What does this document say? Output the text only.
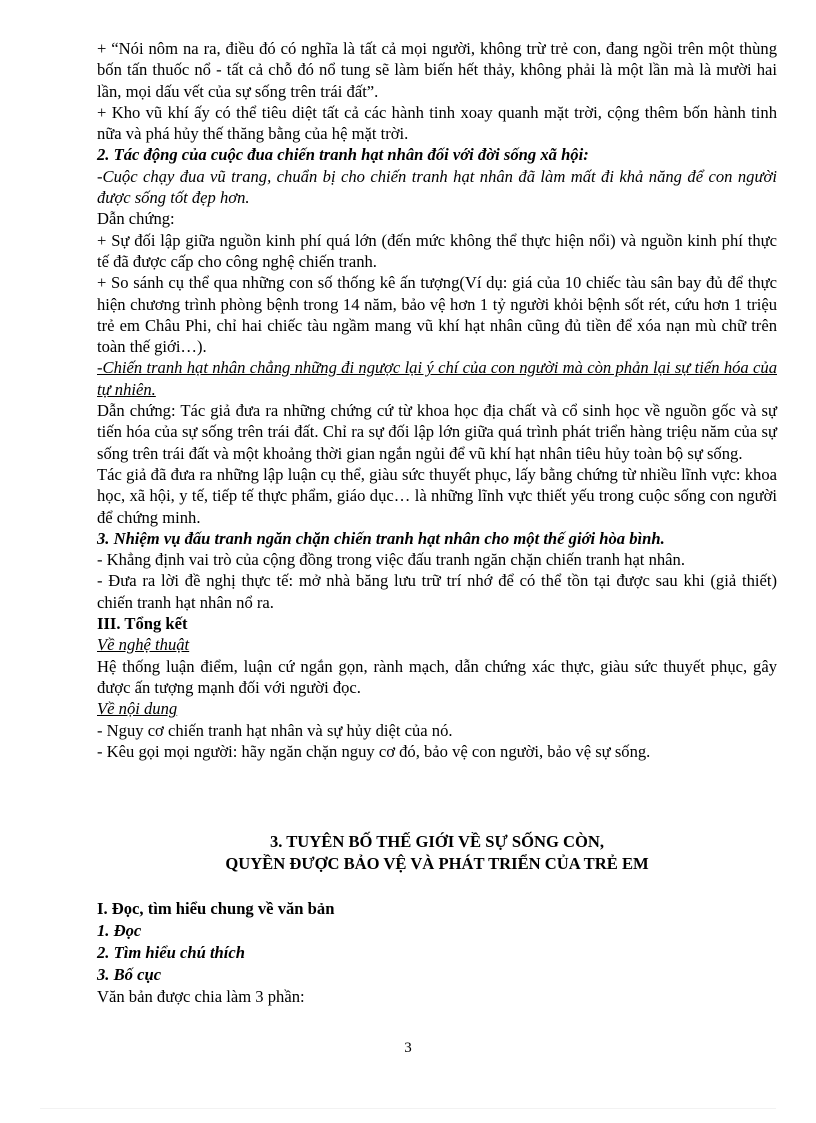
+ “Nói nôm na ra, điều đó có nghĩa là tất cả mọi người, không trừ trẻ con, đang ngồi trên một thùng bốn tấn thuốc nổ - tất cả chỗ đó nổ tung sẽ làm biến hết thảy, không phải là một lần mà là mười hai lần, mọi dấu vết của sự sống trên trái đất”.

+ Kho vũ khí ấy có thể tiêu diệt tất cả các hành tinh xoay quanh mặt trời, cộng thêm bốn hành tinh nữa và phá hủy thế thăng bằng của hệ mặt trời.

2. Tác động của cuộc đua chiến tranh hạt nhân đối với đời sống xã hội:

-Cuộc chạy đua vũ trang, chuẩn bị cho chiến tranh hạt nhân đã làm mất đi khả năng để con người được sống tốt đẹp hơn.

Dẫn chứng:

+ Sự đối lập giữa nguồn kinh phí quá lớn (đến mức không thể thực hiện nổi) và nguồn kinh phí thực tế đã được cấp cho công nghệ chiến tranh.

+ So sánh cụ thể qua những con số thống kê ấn tượng(Ví dụ: giá của 10 chiếc tàu sân bay đủ để thực hiện chương trình phòng bệnh trong 14 năm, bảo vệ hơn 1 tỷ người khỏi bệnh sốt rét, cứu hơn 1 triệu trẻ em Châu Phi, chỉ hai chiếc tàu ngầm mang vũ khí hạt nhân cũng đủ tiền để xóa nạn mù chữ trên toàn thế giới…).

-Chiến tranh hạt nhân chẳng những đi ngược lại ý chí của con người mà còn phản lại sự tiến hóa của tự nhiên.

Dẫn chứng: Tác giả đưa ra những chứng cứ từ khoa học địa chất và cổ sinh học về nguồn gốc và sự tiến hóa của sự sống trên trái đất. Chỉ ra sự đối lập lớn giữa quá trình phát triển hàng triệu năm của sự sống trên trái đất và một khoảng thời gian ngắn ngủi để vũ khí hạt nhân tiêu hủy toàn bộ sự sống.

Tác giả đã đưa ra những lập luận cụ thể, giàu sức thuyết phục, lấy bằng chứng từ nhiều lĩnh vực: khoa học, xã hội, y tế, tiếp tế thực phẩm, giáo dục… là những lĩnh vực thiết yếu trong cuộc sống con người để chứng minh.

3. Nhiệm vụ đấu tranh ngăn chặn chiến tranh hạt nhân cho một thế giới hòa bình.

- Khẳng định vai trò của cộng đồng trong việc đấu tranh ngăn chặn chiến tranh hạt nhân.

- Đưa ra lời đề nghị thực tế: mở nhà băng lưu trữ trí nhớ để có thể tồn tại được sau khi (giả thiết) chiến tranh hạt nhân nổ ra.

III. Tổng kết

Về nghệ thuật

Hệ thống luận điểm, luận cứ ngắn gọn, rành mạch, dẫn chứng xác thực, giàu sức thuyết phục, gây được ấn tượng mạnh đối với người đọc.

Về nội dung

- Nguy cơ chiến tranh hạt nhân và sự hủy diệt của nó.

- Kêu gọi mọi người: hãy ngăn chặn nguy cơ đó, bảo vệ con người, bảo vệ sự sống.

3. TUYÊN BỐ THẾ GIỚI VỀ SỰ SỐNG CÒN,
QUYỀN ĐƯỢC BẢO VỆ VÀ PHÁT TRIỂN CỦA TRẺ EM
I. Đọc, tìm hiểu chung về văn bản
1. Đọc
2. Tìm hiểu chú thích
3. Bố cục
Văn bản được chia làm 3 phần:
3
